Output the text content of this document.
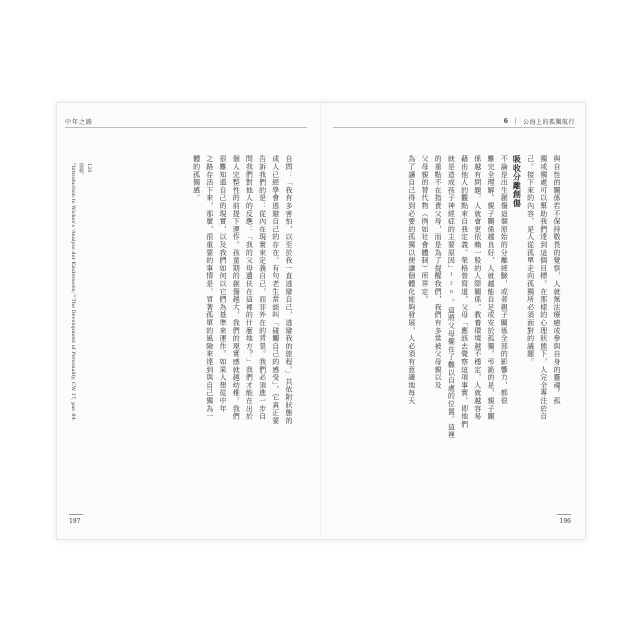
中年之路	6 | 公海上的孤獨航行
與自性的關係若不保持敬畏的覺察，人就無法療癒或參與自身的靈魂。孤
獨或獨處可以幫助我們達到這個目標。在那樣的心理狀態下，人完全專注於自
己。接下來的內容，是人從孤單走向孤獨所必須面對的議題。
吸收分離創傷
不論是出生創傷這個原始的分離經驗，或者親子關係全部的影響力，都很
難完全理解。親子關係越良好，人就越能自足或安於孤獨。弔詭的是，親子關
係越有問題，人就會更依賴一般的人際關係，教養環境越不穩定，人就越容易
藉由他人的觀點來自我定義。榮格曾寫道，父母「應該去覺察這項事實，即他們
就是造成孩子神經症的主要原因」¹²⁰。這將父母擺在了難以自處的位置。這裡
的重點不在指責父母，而是為了提醒我們，我們有多常被父母親以及
父母親的替代物（例如社會體制）所界定。
為了讓自己得到必要的孤獨以便讓個體化能夠發展，人必須有意識地每天
自問：「我有多害怕，以至於我一直逃避自己，逃避我的旅程。」共依附狀態的
成人已經學會逃避自己的存在。有句老生常談叫「碰觸自己的感受」，它真正要
告訴我們的是：從內在現實來定義自己，而非外在的背景。我們必須進一步自
問我們對他人的反應：「我的父母遺伕在這裡的什麼地方？」我們才能在出於
個人完整性的前提下運作。孩童期的創傷越大，我們的現實感就越幼稚。我們
很難知道自己的現實，以及我們如何以它們為基準來運作。如果人想從中年
之路存活下來，那麼，很重要的事情是，冒著孤單的風險來達到與自己獨為一
體的孤獨感。
120
榮格，
"Introduction to Wickes's 'Analyse der Kinderseele,'" The Development of Personality, CW 17, par. 84.
197	196
